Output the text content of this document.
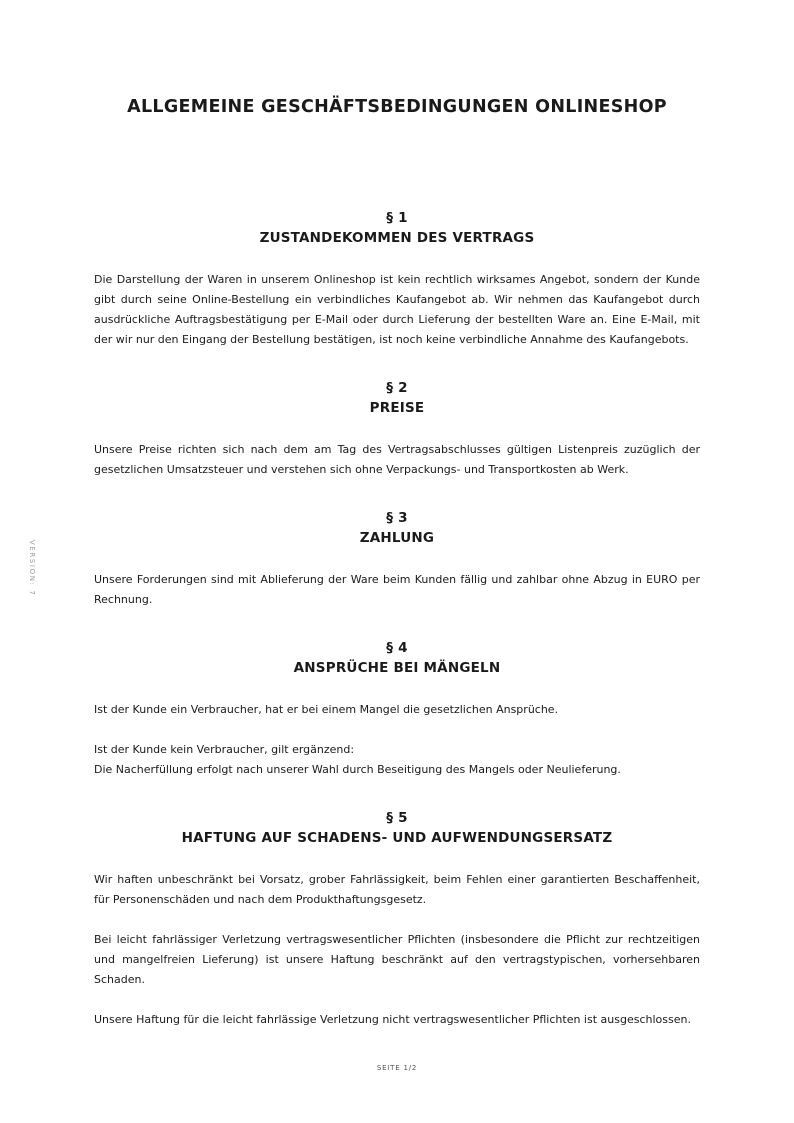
VERSION: 7
ALLGEMEINE GESCHÄFTSBEDINGUNGEN ONLINESHOP
§ 1
ZUSTANDEKOMMEN DES VERTRAGS

Die Darstellung der Waren in unserem Onlineshop ist kein rechtlich wirksames Angebot, sondern der Kunde gibt durch seine Online-Bestellung ein verbindliches Kaufangebot ab. Wir nehmen das Kaufangebot durch ausdrückliche Auftragsbestätigung per E-Mail oder durch Lieferung der bestellten Ware an. Eine E-Mail, mit der wir nur den Eingang der Bestellung bestätigen, ist noch keine verbindliche Annahme des Kaufangebots.

§ 2
PREISE

Unsere Preise richten sich nach dem am Tag des Vertragsabschlusses gültigen Listenpreis zuzüglich der gesetzlichen Umsatzsteuer und verstehen sich ohne Verpackungs- und Transportkosten ab Werk.

§ 3
ZAHLUNG

Unsere Forderungen sind mit Ablieferung der Ware beim Kunden fällig und zahlbar ohne Abzug in EURO per Rechnung.

§ 4
ANSPRÜCHE BEI MÄNGELN

Ist der Kunde ein Verbraucher, hat er bei einem Mangel die gesetzlichen Ansprüche.

Ist der Kunde kein Verbraucher, gilt ergänzend:
Die Nacherfüllung erfolgt nach unserer Wahl durch Beseitigung des Mangels oder Neulieferung.

§ 5
HAFTUNG AUF SCHADENS- UND AUFWENDUNGSERSATZ

Wir haften unbeschränkt bei Vorsatz, grober Fahrlässigkeit, beim Fehlen einer garantierten Beschaffenheit, für Personenschäden und nach dem Produkthaftungsgesetz.

Bei leicht fahrlässiger Verletzung vertragswesentlicher Pflichten (insbesondere die Pflicht zur rechtzeitigen und mangelfreien Lieferung) ist unsere Haftung beschränkt auf den vertragstypischen, vorhersehbaren Schaden.

Unsere Haftung für die leicht fahrlässige Verletzung nicht vertragswesentlicher Pflichten ist ausgeschlossen.

SEITE 1/2
